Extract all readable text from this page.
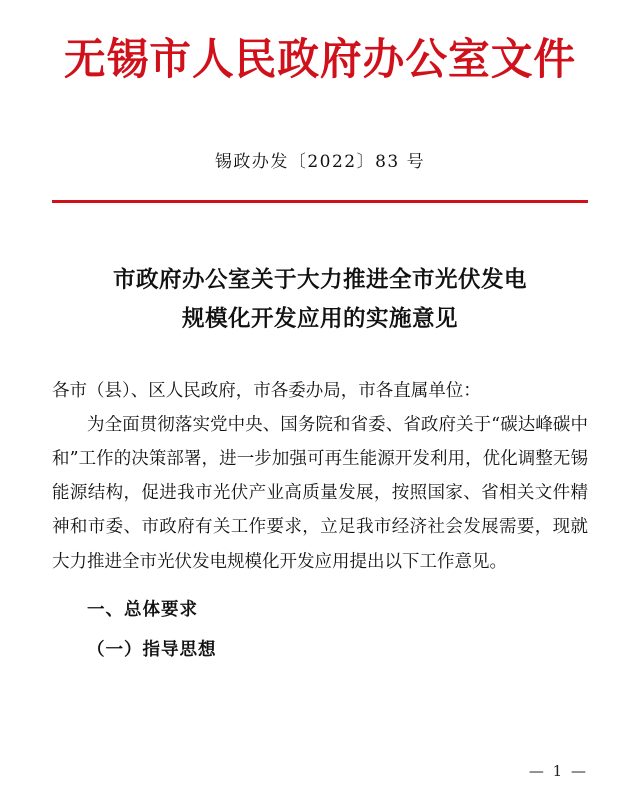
无锡市人民政府办公室文件
锡政办发〔2022〕83 号
市政府办公室关于大力推进全市光伏发电
规模化开发应用的实施意见

各市（县）、区人民政府，市各委办局，市各直属单位：

为全面贯彻落实党中央、国务院和省委、省政府关于“碳达峰碳中和”工作的决策部署，进一步加强可再生能源开发利用，优化调整无锡能源结构，促进我市光伏产业高质量发展，按照国家、省相关文件精神和市委、市政府有关工作要求，立足我市经济社会发展需要，现就大力推进全市光伏发电规模化开发应用提出以下工作意见。

一、总体要求

（一）指导思想

— 1 —
